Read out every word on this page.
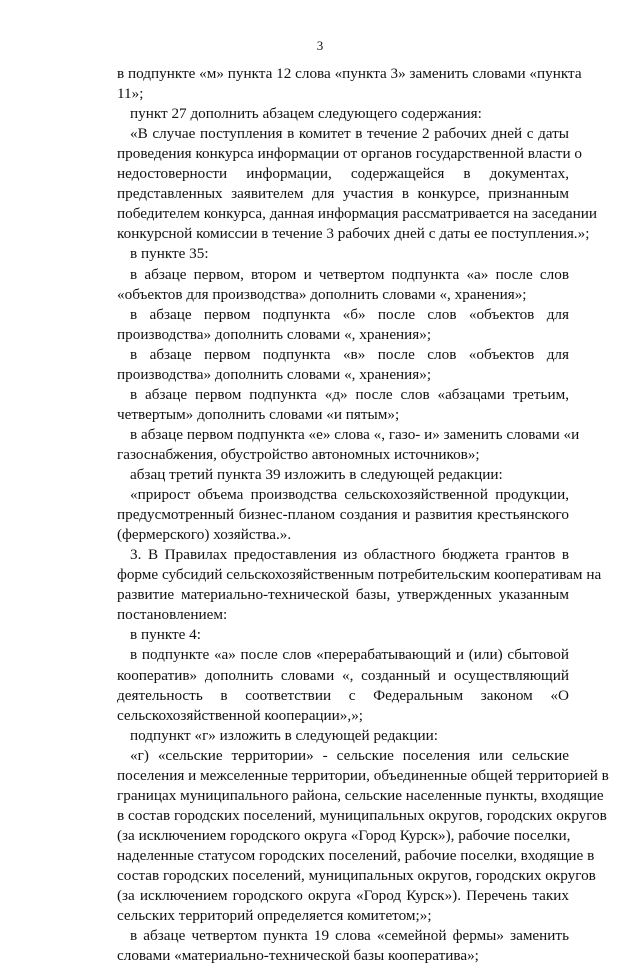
3
в подпункте «м» пункта 12 слова «пункта 3» заменить словами «пункта
11»;
пункт 27 дополнить абзацем следующего содержания:
«В случае поступления в комитет в течение 2 рабочих дней с даты
проведения конкурса информации от органов государственной власти о
недостоверности информации, содержащейся в документах,
представленных заявителем для участия в конкурсе, признанным
победителем конкурса, данная информация рассматривается на заседании
конкурсной комиссии в течение 3 рабочих дней с даты ее поступления.»;
в пункте 35:
в абзаце первом, втором и четвертом подпункта «а» после слов
«объектов для производства» дополнить словами «, хранения»;
в абзаце первом подпункта «б» после слов «объектов для
производства» дополнить словами «, хранения»;
в абзаце первом подпункта «в» после слов «объектов для
производства» дополнить словами «, хранения»;
в абзаце первом подпункта «д» после слов «абзацами третьим,
четвертым» дополнить словами «и пятым»;
в абзаце первом подпункта «е» слова «, газо- и» заменить словами «и
газоснабжения, обустройство автономных источников»;
абзац третий пункта 39 изложить в следующей редакции:
«прирост объема производства сельскохозяйственной продукции,
предусмотренный бизнес-планом создания и развития крестьянского
(фермерского) хозяйства.».
3. В Правилах предоставления из областного бюджета грантов в
форме субсидий сельскохозяйственным потребительским кооперативам на
развитие материально-технической базы, утвержденных указанным
постановлением:
в пункте 4:
в подпункте «а» после слов «перерабатывающий и (или) сбытовой
кооператив» дополнить словами «, созданный и осуществляющий
деятельность в соответствии с Федеральным законом «О
сельскохозяйственной кооперации»,»;
подпункт «г» изложить в следующей редакции:
«г) «сельские территории» - сельские поселения или сельские
поселения и межселенные территории, объединенные общей территорией в
границах муниципального района, сельские населенные пункты, входящие
в состав городских поселений, муниципальных округов, городских округов
(за исключением городского округа «Город Курск»), рабочие поселки,
наделенные статусом городских поселений, рабочие поселки, входящие в
состав городских поселений, муниципальных округов, городских округов
(за исключением городского округа «Город Курск»). Перечень таких
сельских территорий определяется комитетом;»;
в абзаце четвертом пункта 19 слова «семейной фермы» заменить
словами «материально-технической базы кооператива»;
